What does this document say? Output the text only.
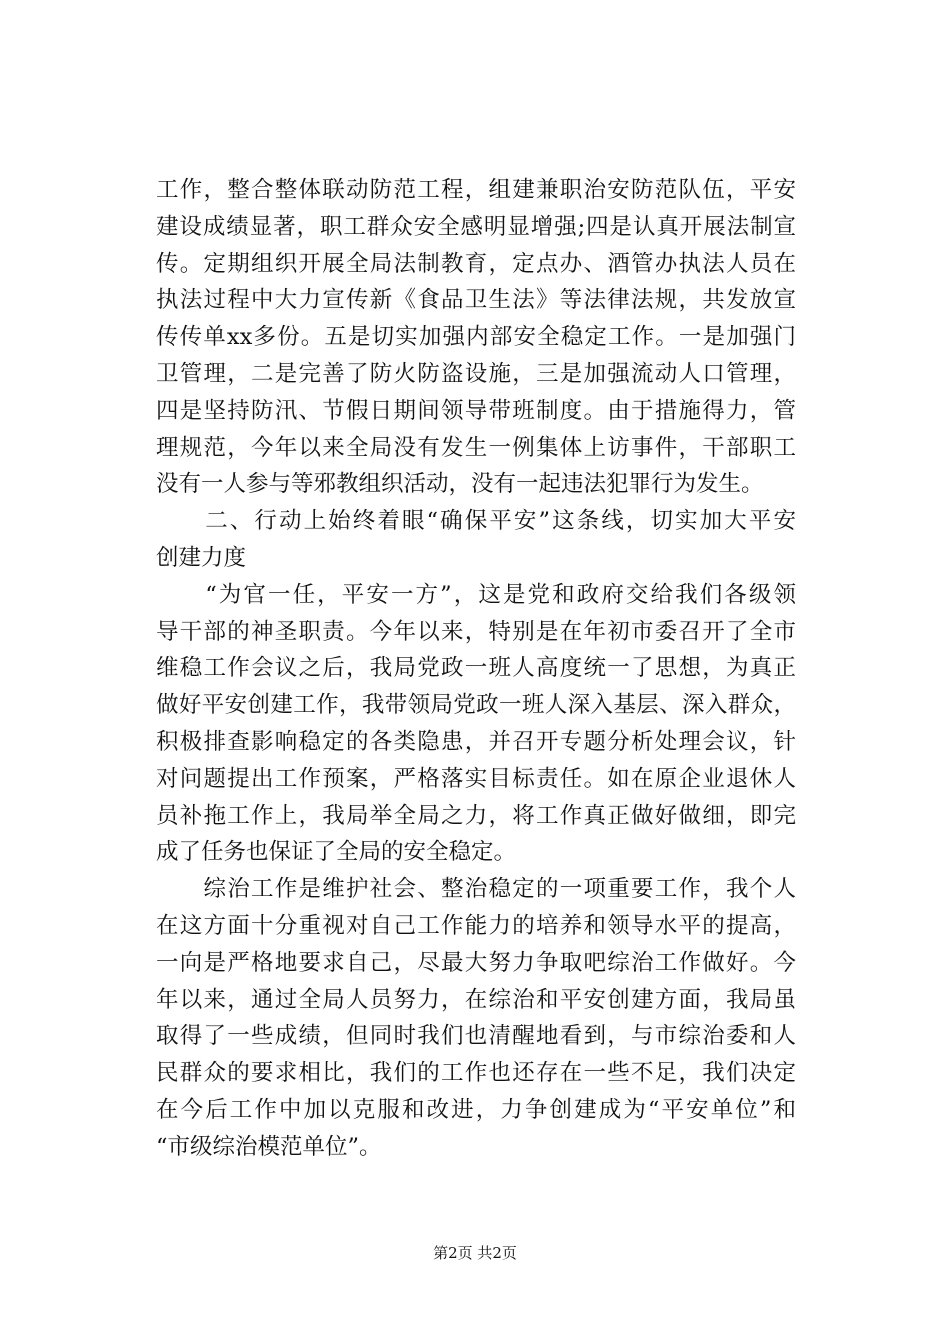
工作，整合整体联动防范工程，组建兼职治安防范队伍，平安
建设成绩显著，职工群众安全感明显增强;四是认真开展法制宣
传。定期组织开展全局法制教育，定点办、酒管办执法人员在
执法过程中大力宣传新《食品卫生法》等法律法规，共发放宣
传传单xx多份。五是切实加强内部安全稳定工作。一是加强门
卫管理，二是完善了防火防盗设施，三是加强流动人口管理，
四是坚持防汛、节假日期间领导带班制度。由于措施得力，管
理规范，今年以来全局没有发生一例集体上访事件，干部职工
没有一人参与等邪教组织活动，没有一起违法犯罪行为发生。
　　二、行动上始终着眼“确保平安”这条线，切实加大平安
创建力度
　　“为官一任，平安一方”，这是党和政府交给我们各级领
导干部的神圣职责。今年以来，特别是在年初市委召开了全市
维稳工作会议之后，我局党政一班人高度统一了思想，为真正
做好平安创建工作，我带领局党政一班人深入基层、深入群众，
积极排查影响稳定的各类隐患，并召开专题分析处理会议，针
对问题提出工作预案，严格落实目标责任。如在原企业退休人
员补拖工作上，我局举全局之力，将工作真正做好做细，即完
成了任务也保证了全局的安全稳定。
　　综治工作是维护社会、整治稳定的一项重要工作，我个人
在这方面十分重视对自己工作能力的培养和领导水平的提高，
一向是严格地要求自己，尽最大努力争取吧综治工作做好。今
年以来，通过全局人员努力，在综治和平安创建方面，我局虽
取得了一些成绩，但同时我们也清醒地看到，与市综治委和人
民群众的要求相比，我们的工作也还存在一些不足，我们决定
在今后工作中加以克服和改进，力争创建成为“平安单位”和
“市级综治模范单位”。
第2页 共2页
